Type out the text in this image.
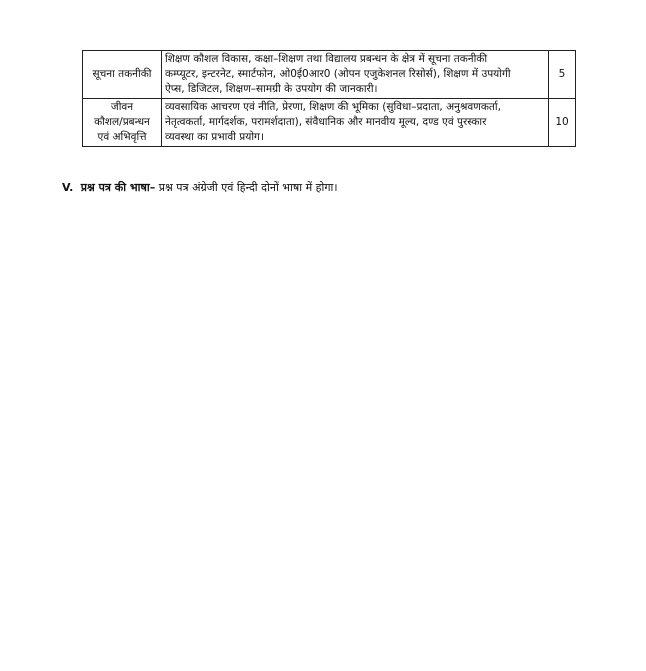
सूचना तकनीकी	शिक्षण कौशल विकास, कक्षा–शिक्षण तथा विद्यालय प्रबन्धन के क्षेत्र में सूचना तकनीकी
कम्प्यूटर, इन्टरनेट, स्मार्टफोन, ओ0ई0आर0 (ओपन एजुकेशनल रिसोर्स), शिक्षण में उपयोगी
ऐप्स, डिजिटल, शिक्षण–सामग्री के उपयोग की जानकारी।	5

जीवन
कौशल/प्रबन्धन
एवं अभिवृत्ति	व्यवसायिक आचरण एवं नीति, प्रेरणा, शिक्षण की भूमिका (सुविधा–प्रदाता, अनुश्रवणकर्ता,
नेतृत्वकर्ता, मार्गदर्शक, परामर्शदाता), संवैधानिक और मानवीय मूल्य, दण्ड एवं पुरस्कार
व्यवस्था का प्रभावी प्रयोग।	10
V. प्रश्न पत्र की भाषा– प्रश्न पत्र अंग्रेजी एवं हिन्दी दोनों भाषा में होगा।
